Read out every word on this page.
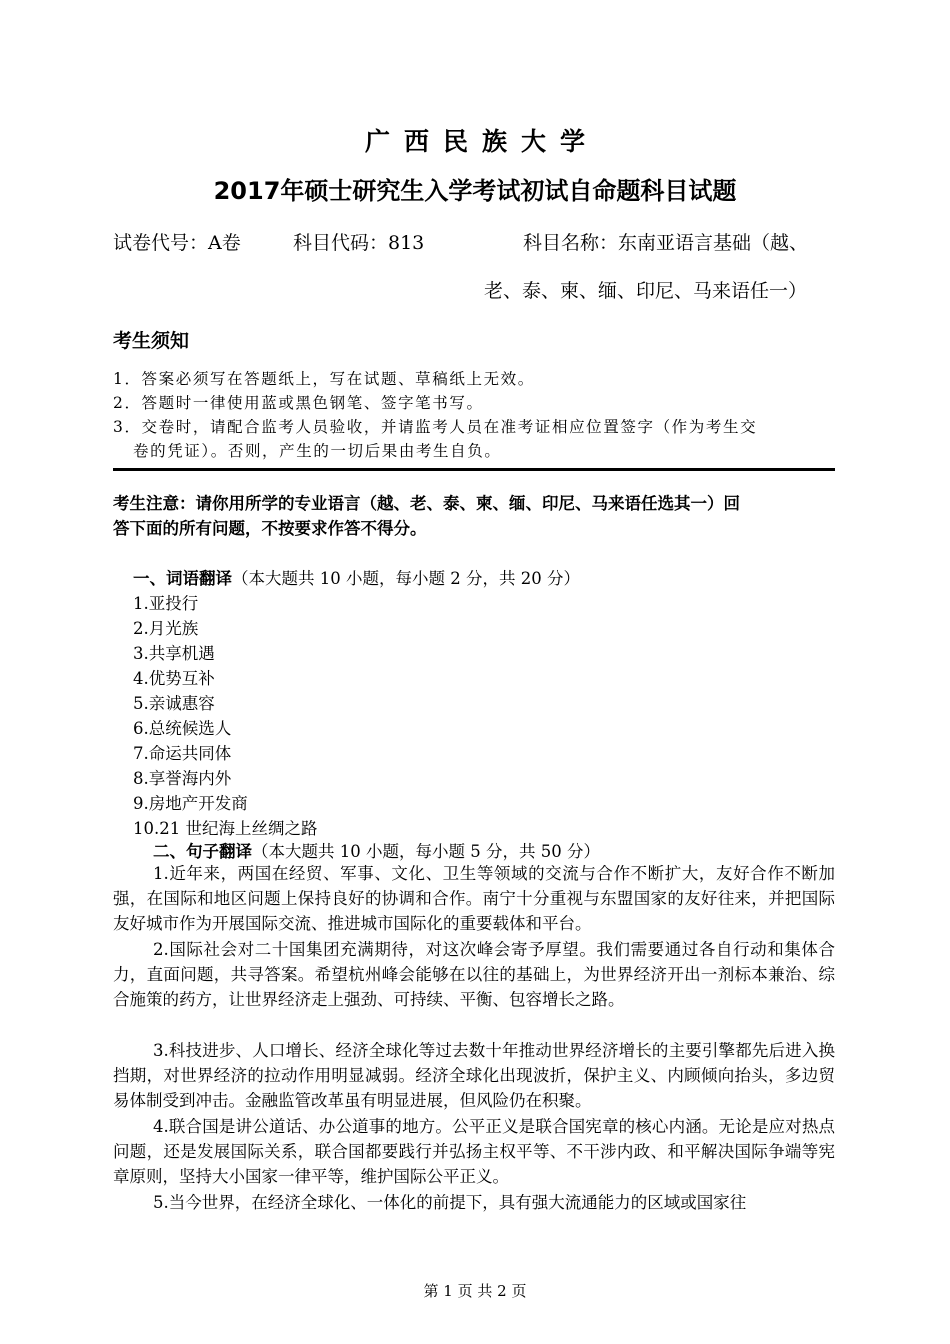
广西民族大学
2017年硕士研究生入学考试初试自命题科目试题
试卷代号：A卷	科目代码：813	科目名称：东南亚语言基础（越、
老、泰、柬、缅、印尼、马来语任一）
考生须知
1．答案必须写在答题纸上，写在试题、草稿纸上无效。
2．答题时一律使用蓝或黑色钢笔、签字笔书写。
3．交卷时，请配合监考人员验收，并请监考人员在准考证相应位置签字（作为考生交
卷的凭证）。否则，产生的一切后果由考生自负。
考生注意：请你用所学的专业语言（越、老、泰、柬、缅、印尼、马来语任选其一）回
答下面的所有问题，不按要求作答不得分。
一、词语翻译（本大题共 10 小题，每小题 2 分，共 20 分）
1.亚投行
2.月光族
3.共享机遇
4.优势互补
5.亲诚惠容
6.总统候选人
7.命运共同体
8.享誉海内外
9.房地产开发商
10.21 世纪海上丝绸之路
二、句子翻译（本大题共 10 小题，每小题 5 分，共 50 分）
1.近年来，两国在经贸、军事、文化、卫生等领域的交流与合作不断扩大，友好合作不断加强，在国际和地区问题上保持良好的协调和合作。南宁十分重视与东盟国家的友好往来，并把国际友好城市作为开展国际交流、推进城市国际化的重要载体和平台。
2.国际社会对二十国集团充满期待，对这次峰会寄予厚望。我们需要通过各自行动和集体合力，直面问题，共寻答案。希望杭州峰会能够在以往的基础上，为世界经济开出一剂标本兼治、综合施策的药方，让世界经济走上强劲、可持续、平衡、包容增长之路。
3.科技进步、人口增长、经济全球化等过去数十年推动世界经济增长的主要引擎都先后进入换挡期，对世界经济的拉动作用明显减弱。经济全球化出现波折，保护主义、内顾倾向抬头，多边贸易体制受到冲击。金融监管改革虽有明显进展，但风险仍在积聚。
4.联合国是讲公道话、办公道事的地方。公平正义是联合国宪章的核心内涵。无论是应对热点问题，还是发展国际关系，联合国都要践行并弘扬主权平等、不干涉内政、和平解决国际争端等宪章原则，坚持大小国家一律平等，维护国际公平正义。
5.当今世界，在经济全球化、一体化的前提下，具有强大流通能力的区域或国家往
第 1 页 共 2 页
